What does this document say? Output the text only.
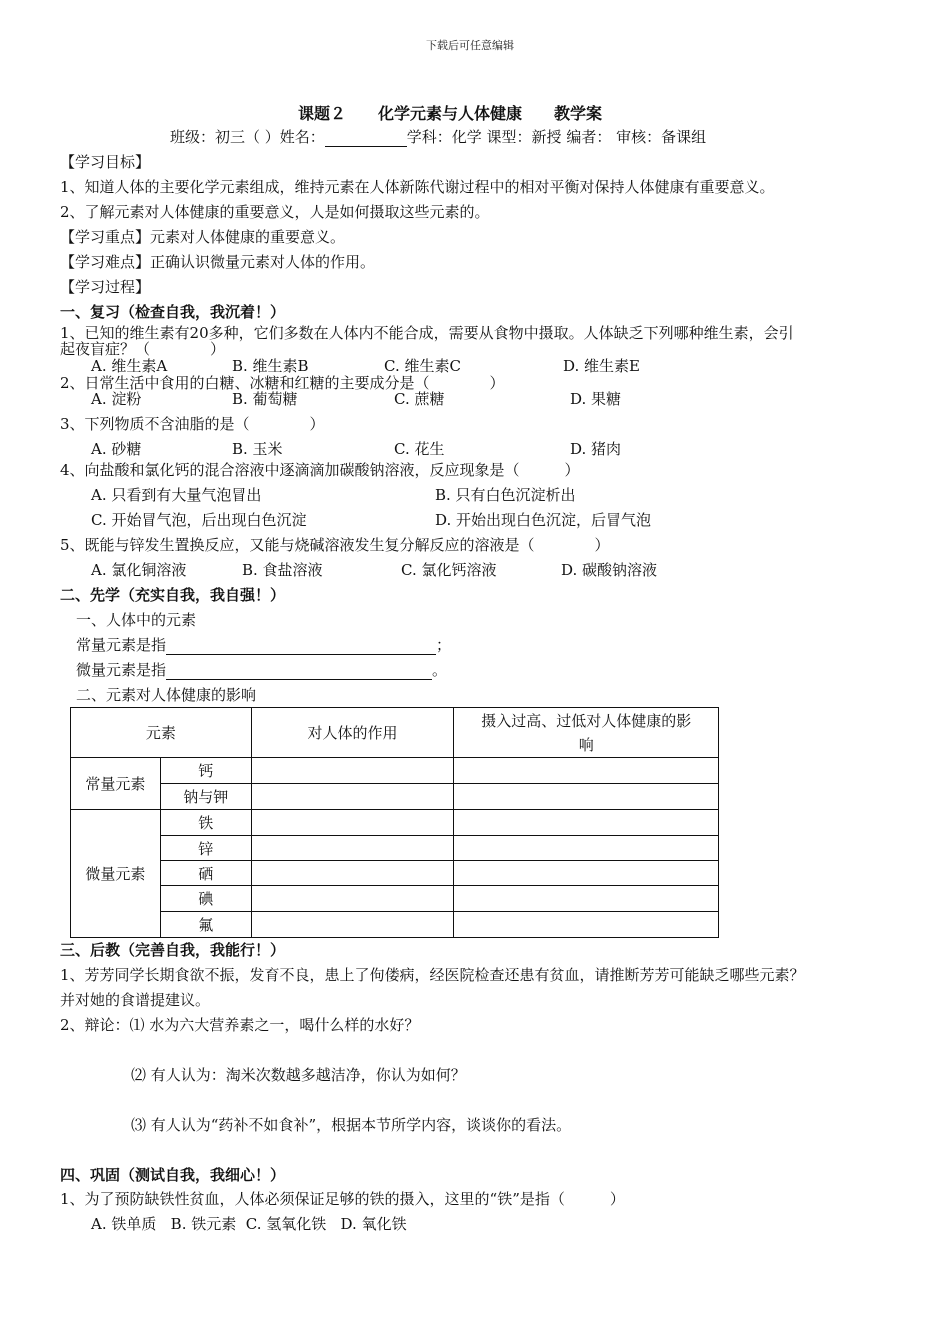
下载后可任意编辑
课题２　　化学元素与人体健康　　教学案
班级：初三（ ）姓名：	学科：化学 课型：新授 编者： 审核：备课组
【学习目标】
1、知道人体的主要化学元素组成，维持元素在人体新陈代谢过程中的相对平衡对保持人体健康有重要意义。
2、了解元素对人体健康的重要意义，人是如何摄取这些元素的。
【学习重点】元素对人体健康的重要意义。
【学习难点】正确认识微量元素对人体的作用。
【学习过程】
一、复习（检查自我，我沉着！）
1、已知的维生素有20多种，它们多数在人体内不能合成，需要从食物中摄取。人体缺乏下列哪种维生素，会引
起夜盲症？（　　　　）
A. 维生素A	B. 维生素B	C. 维生素C	D. 维生素E
2、日常生活中食用的白糖、冰糖和红糖的主要成分是（　　　　）
A. 淀粉	B. 葡萄糖	C. 蔗糖	D. 果糖
3、下列物质不含油脂的是（　　　　）
A. 砂糖	B. 玉米	C. 花生	D. 猪肉
4、向盐酸和氯化钙的混合溶液中逐滴滴加碳酸钠溶液，反应现象是（　　　）
A. 只看到有大量气泡冒出	B. 只有白色沉淀析出
C. 开始冒气泡，后出现白色沉淀	D. 开始出现白色沉淀，后冒气泡
5、既能与锌发生置换反应，又能与烧碱溶液发生复分解反应的溶液是（　　　　）
A. 氯化铜溶液	B. 食盐溶液	C. 氯化钙溶液	D. 碳酸钠溶液
二、先学（充实自我，我自强！）
一、人体中的元素
常量元素是指	；
微量元素是指	。
二、元素对人体健康的影响
元素		对人体的作用	摄入过高、过低对人体健康的影
响
常量元素	钙		
	钠与钾		
微量元素	铁		
	锌		
	硒		
	碘		
	氟		
三、后教（完善自我，我能行！）
1、芳芳同学长期食欲不振，发育不良，患上了佝偻病，经医院检查还患有贫血，请推断芳芳可能缺乏哪些元素？
并对她的食谱提建议。
2、辩论：⑴ 水为六大营养素之一，喝什么样的水好？
⑵ 有人认为：淘米次数越多越洁净，你认为如何？
⑶ 有人认为“药补不如食补”，根据本节所学内容，谈谈你的看法。
四、巩固（测试自我，我细心！）
1、为了预防缺铁性贫血，人体必须保证足够的铁的摄入，这里的“铁”是指（　　　）
A. 铁单质   B. 铁元素  C. 氢氧化铁   D. 氧化铁
